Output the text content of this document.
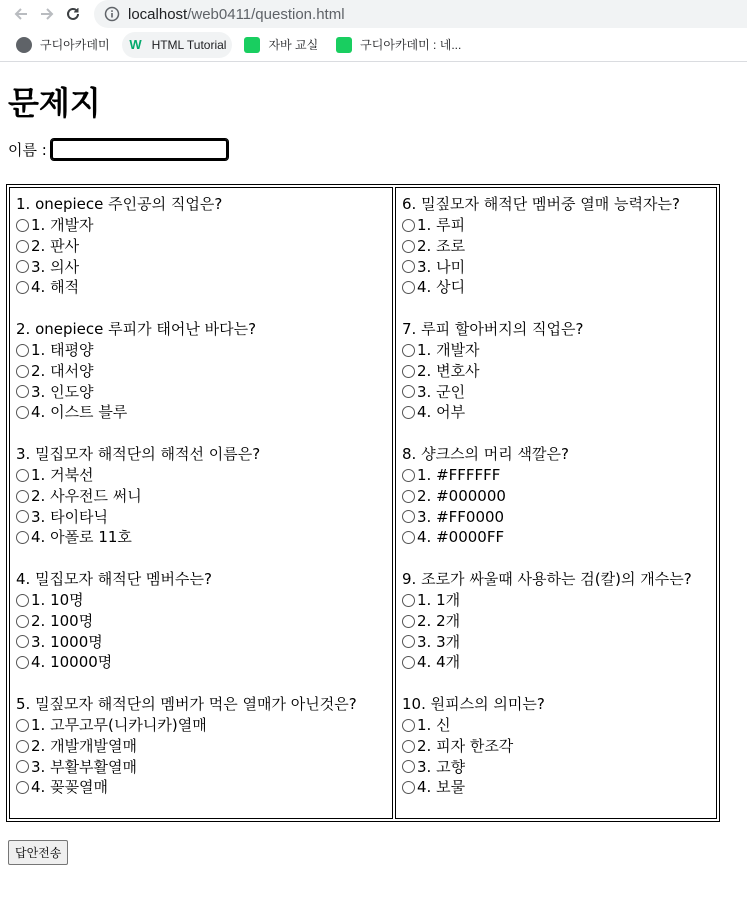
localhost /web0411/question.html
구디아카데미 W HTML Tutorial	자바 교실	구디아카데미 : 네...
문제지
이름 :
1. onepiece 주인공의 직업은?
1. 개발자
2. 판사
3. 의사
4. 해적
2. onepiece 루피가 태어난 바다는?
1. 태평양
2. 대서양
3. 인도양
4. 이스트 블루
3. 밀집모자 해적단의 해적선 이름은?
1. 거북선
2. 사우전드 써니
3. 타이타닉
4. 아폴로 11호
4. 밀집모자 해적단 멤버수는?
1. 10명
2. 100명
3. 1000명
4. 10000명
5. 밀짚모자 해적단의 멤버가 먹은 열매가 아닌것은?
1. 고무고무(니카니카)열매
2. 개발개발열매
3. 부활부활열매
4. 꽂꽂열매

6. 밀짚모자 해적단 멤버중 열매 능력자는?
1. 루피
2. 조로
3. 나미
4. 상디
7. 루피 할아버지의 직업은?
1. 개발자
2. 변호사
3. 군인
4. 어부
8. 샹크스의 머리 색깔은?
1. #FFFFFF
2. #000000
3. #FF0000
4. #0000FF
9. 조로가 싸울때 사용하는 검(칼)의 개수는?
1. 1개
2. 2개
3. 3개
4. 4개
10. 원피스의 의미는?
1. 신
2. 피자 한조각
3. 고향
4. 보물
답안전송
